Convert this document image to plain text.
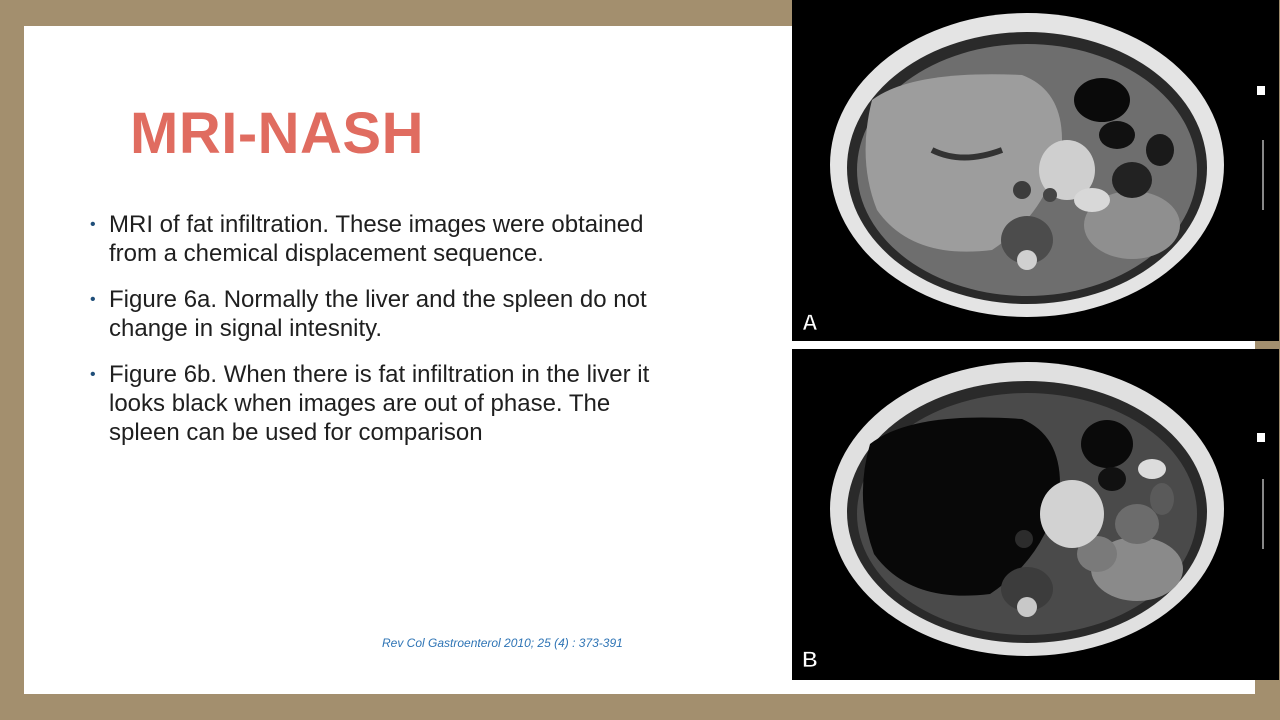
MRI-NASH
• MRI of fat infiltration. These images were obtained from a chemical displacement sequence.
• Figure 6a. Normally the liver and the spleen do not change in signal intesnity.
• Figure 6b. When there is fat infiltration in the liver it looks black when images are out of phase. The spleen can be used for comparison
Rev Col Gastroenterol 2010; 25 (4) : 373-391
A
B
